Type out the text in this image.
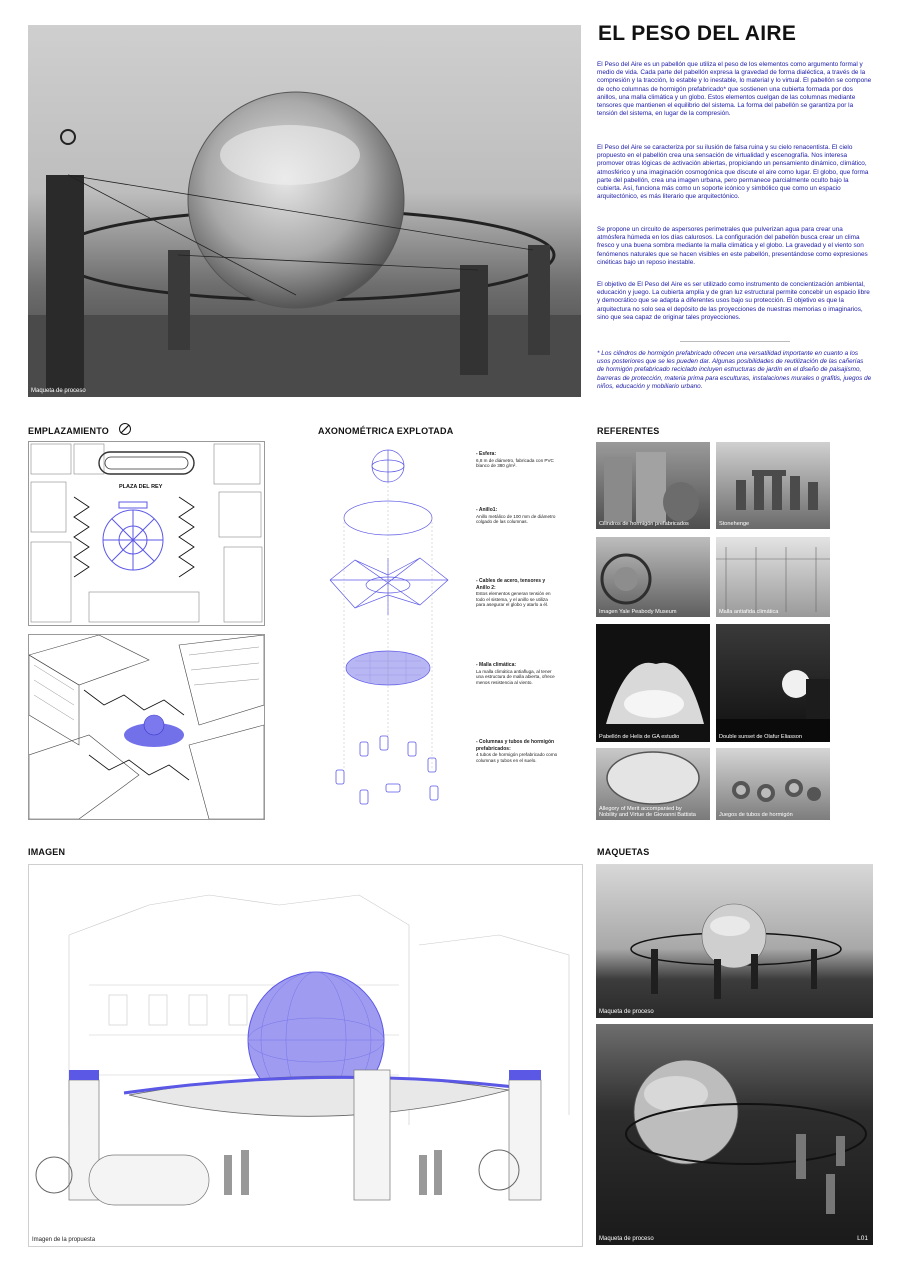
Maqueta de proceso
EL PESO DEL AIRE

El Peso del Aire es un pabellón que utiliza el peso de los elementos como argumento formal y medio de vida. Cada parte del pabellón expresa la gravedad de forma dialéctica, a través de la compresión y la tracción, lo estable y lo inestable, lo material y lo virtual. El pabellón se compone de ocho columnas de hormigón prefabricado* que sostienen una cubierta formada por dos anillos, una malla climática y un globo. Estos elementos cuelgan de las columnas mediante tensores que mantienen el equilibrio del sistema. La forma del pabellón se garantiza por la tensión del sistema, en lugar de la compresión.

El Peso del Aire se caracteriza por su ilusión de falsa ruina y su cielo renacentista. El cielo propuesto en el pabellón crea una sensación de virtualidad y escenografía. Nos interesa promover otras lógicas de activación abiertas, propiciando un pensamiento dinámico, climático, atmosférico y una imaginación cosmogónica que discute el aire como lugar. El globo, que forma parte del pabellón, crea una imagen urbana, pero permanece parcialmente oculto bajo la cubierta. Así, funciona más como un soporte icónico y simbólico que como un espacio arquitectónico, es más literario que arquitectónico.

Se propone un circuito de aspersores perimetrales que pulverizan agua para crear una atmósfera húmeda en los días calurosos. La configuración del pabellón busca crear un clima fresco y una buena sombra mediante la malla climática y el globo. La gravedad y el viento son fenómenos naturales que se hacen visibles en este pabellón, presentándose como expresiones cinéticas bajo un reposo inestable.

El objetivo de El Peso del Aire es ser utilizado como instrumento de concientización ambiental, educación y juego. La cubierta amplia y de gran luz estructural permite concebir un espacio libre y democrático que se adapta a diferentes usos bajo su protección. El objetivo es que la arquitectura no solo sea el depósito de las proyecciones de nuestras memorias o imaginarios, sino que sea capaz de originar tales proyecciones.

* Los cilindros de hormigón prefabricado ofrecen una versatilidad importante en cuanto a los usos posteriores que se les pueden dar. Algunas posibilidades de reutilización de las cañerías de hormigón prefabricado reciclado incluyen estructuras de jardín en el diseño de paisajismo, barreras de protección, materia prima para esculturas, instalaciones murales o grafitis, juegos de niños, educación y mobiliario urbano.

EMPLAZAMIENTO	AXONOMÉTRICA EXPLOTADA	REFERENTES
IMAGEN	MAQUETAS
PLAZA DEL REY
- Esfera:
6,8 m de diámetro, fabricada con PVC blanco de 380 g/m².
- Anillo1:
Anillo metálico de 100 mm de diámetro colgado de las columnas.
- Cables de acero, tensores y Anillo 2:
Estos elementos generan tensión en todo el sistema, y el anillo se utiliza para asegurar el globo y atarlo a él.
- Malla climática:
La malla climática antiafluga, al tener una estructura de malla abierta, ofrece menos resistencia al viento.
- Columnas y tubos de hormigón prefabricados:
4 tubos de hormigón prefabricado como columnas y tubos en el suelo.
Cilindros de hormigón prefabricados	Stonehenge
Imagen Yale Peabody Museum	Malla antiafida climática
Pabellón de Helis de GA estudio	Double sunset de Olafur Eliasson
Allegory of Merit accompanied by Nobility and Virtue de Giovanni Battista	Juegos de tubos de hormigón
Imagen de la propuesta
Maqueta de proceso
Maqueta de proceso	L01
